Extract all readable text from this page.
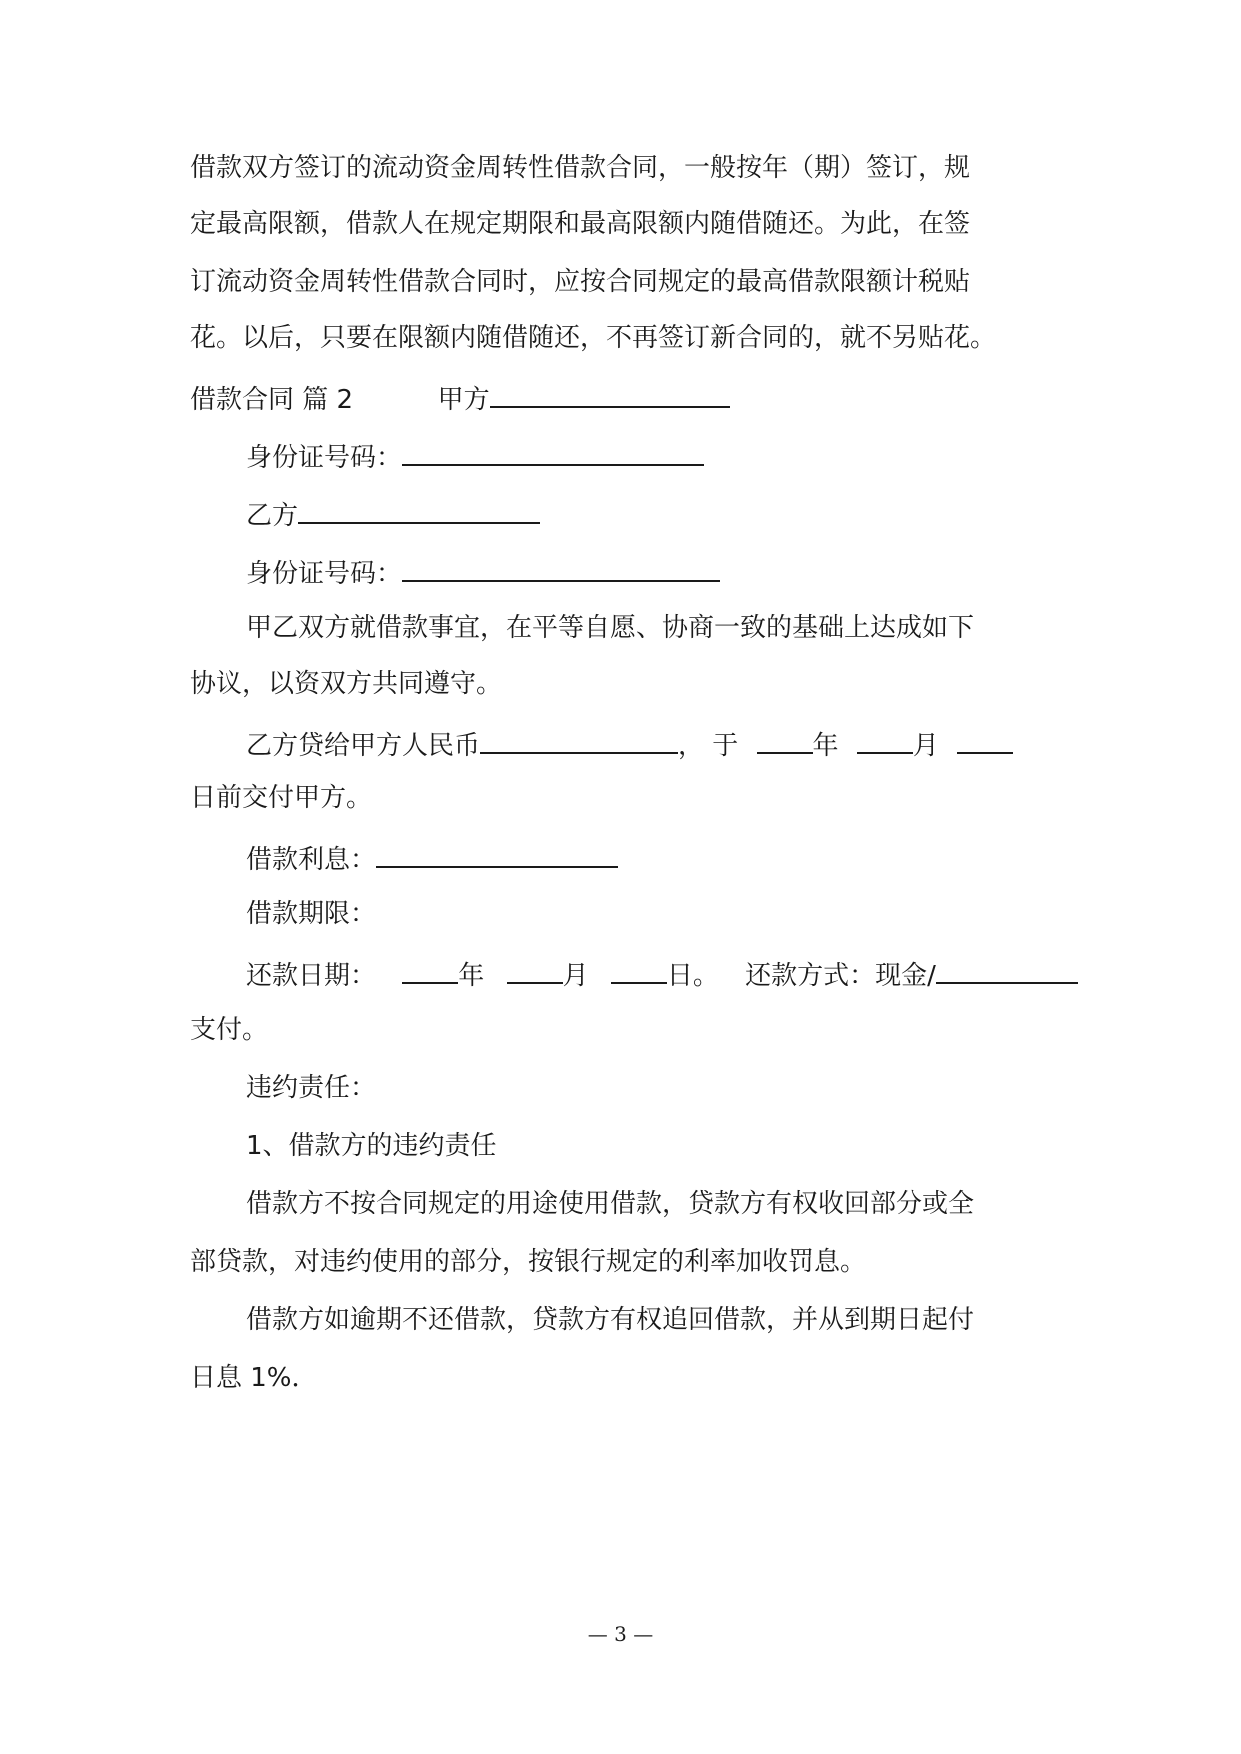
借款双方签订的流动资金周转性借款合同，一般按年（期）签订，规
定最高限额，借款人在规定期限和最高限额内随借随还。为此，在签
订流动资金周转性借款合同时，应按合同规定的最高借款限额计税贴
花。以后，只要在限额内随借随还，不再签订新合同的，就不另贴花。
借款合同 篇 2	甲方
身份证号码：
乙方
身份证号码：
甲乙双方就借款事宜，在平等自愿、协商一致的基础上达成如下
协议，以资双方共同遵守。
乙方贷给甲方人民币	， 于	年	月
日前交付甲方。
借款利息：
借款期限：
还款日期：	年	月	日。 还款方式：现金/
支付。
违约责任：
1、借款方的违约责任
借款方不按合同规定的用途使用借款，贷款方有权收回部分或全
部贷款，对违约使用的部分，按银行规定的利率加收罚息。
借款方如逾期不还借款，贷款方有权追回借款，并从到期日起付
日息 1%．
— 3 —
